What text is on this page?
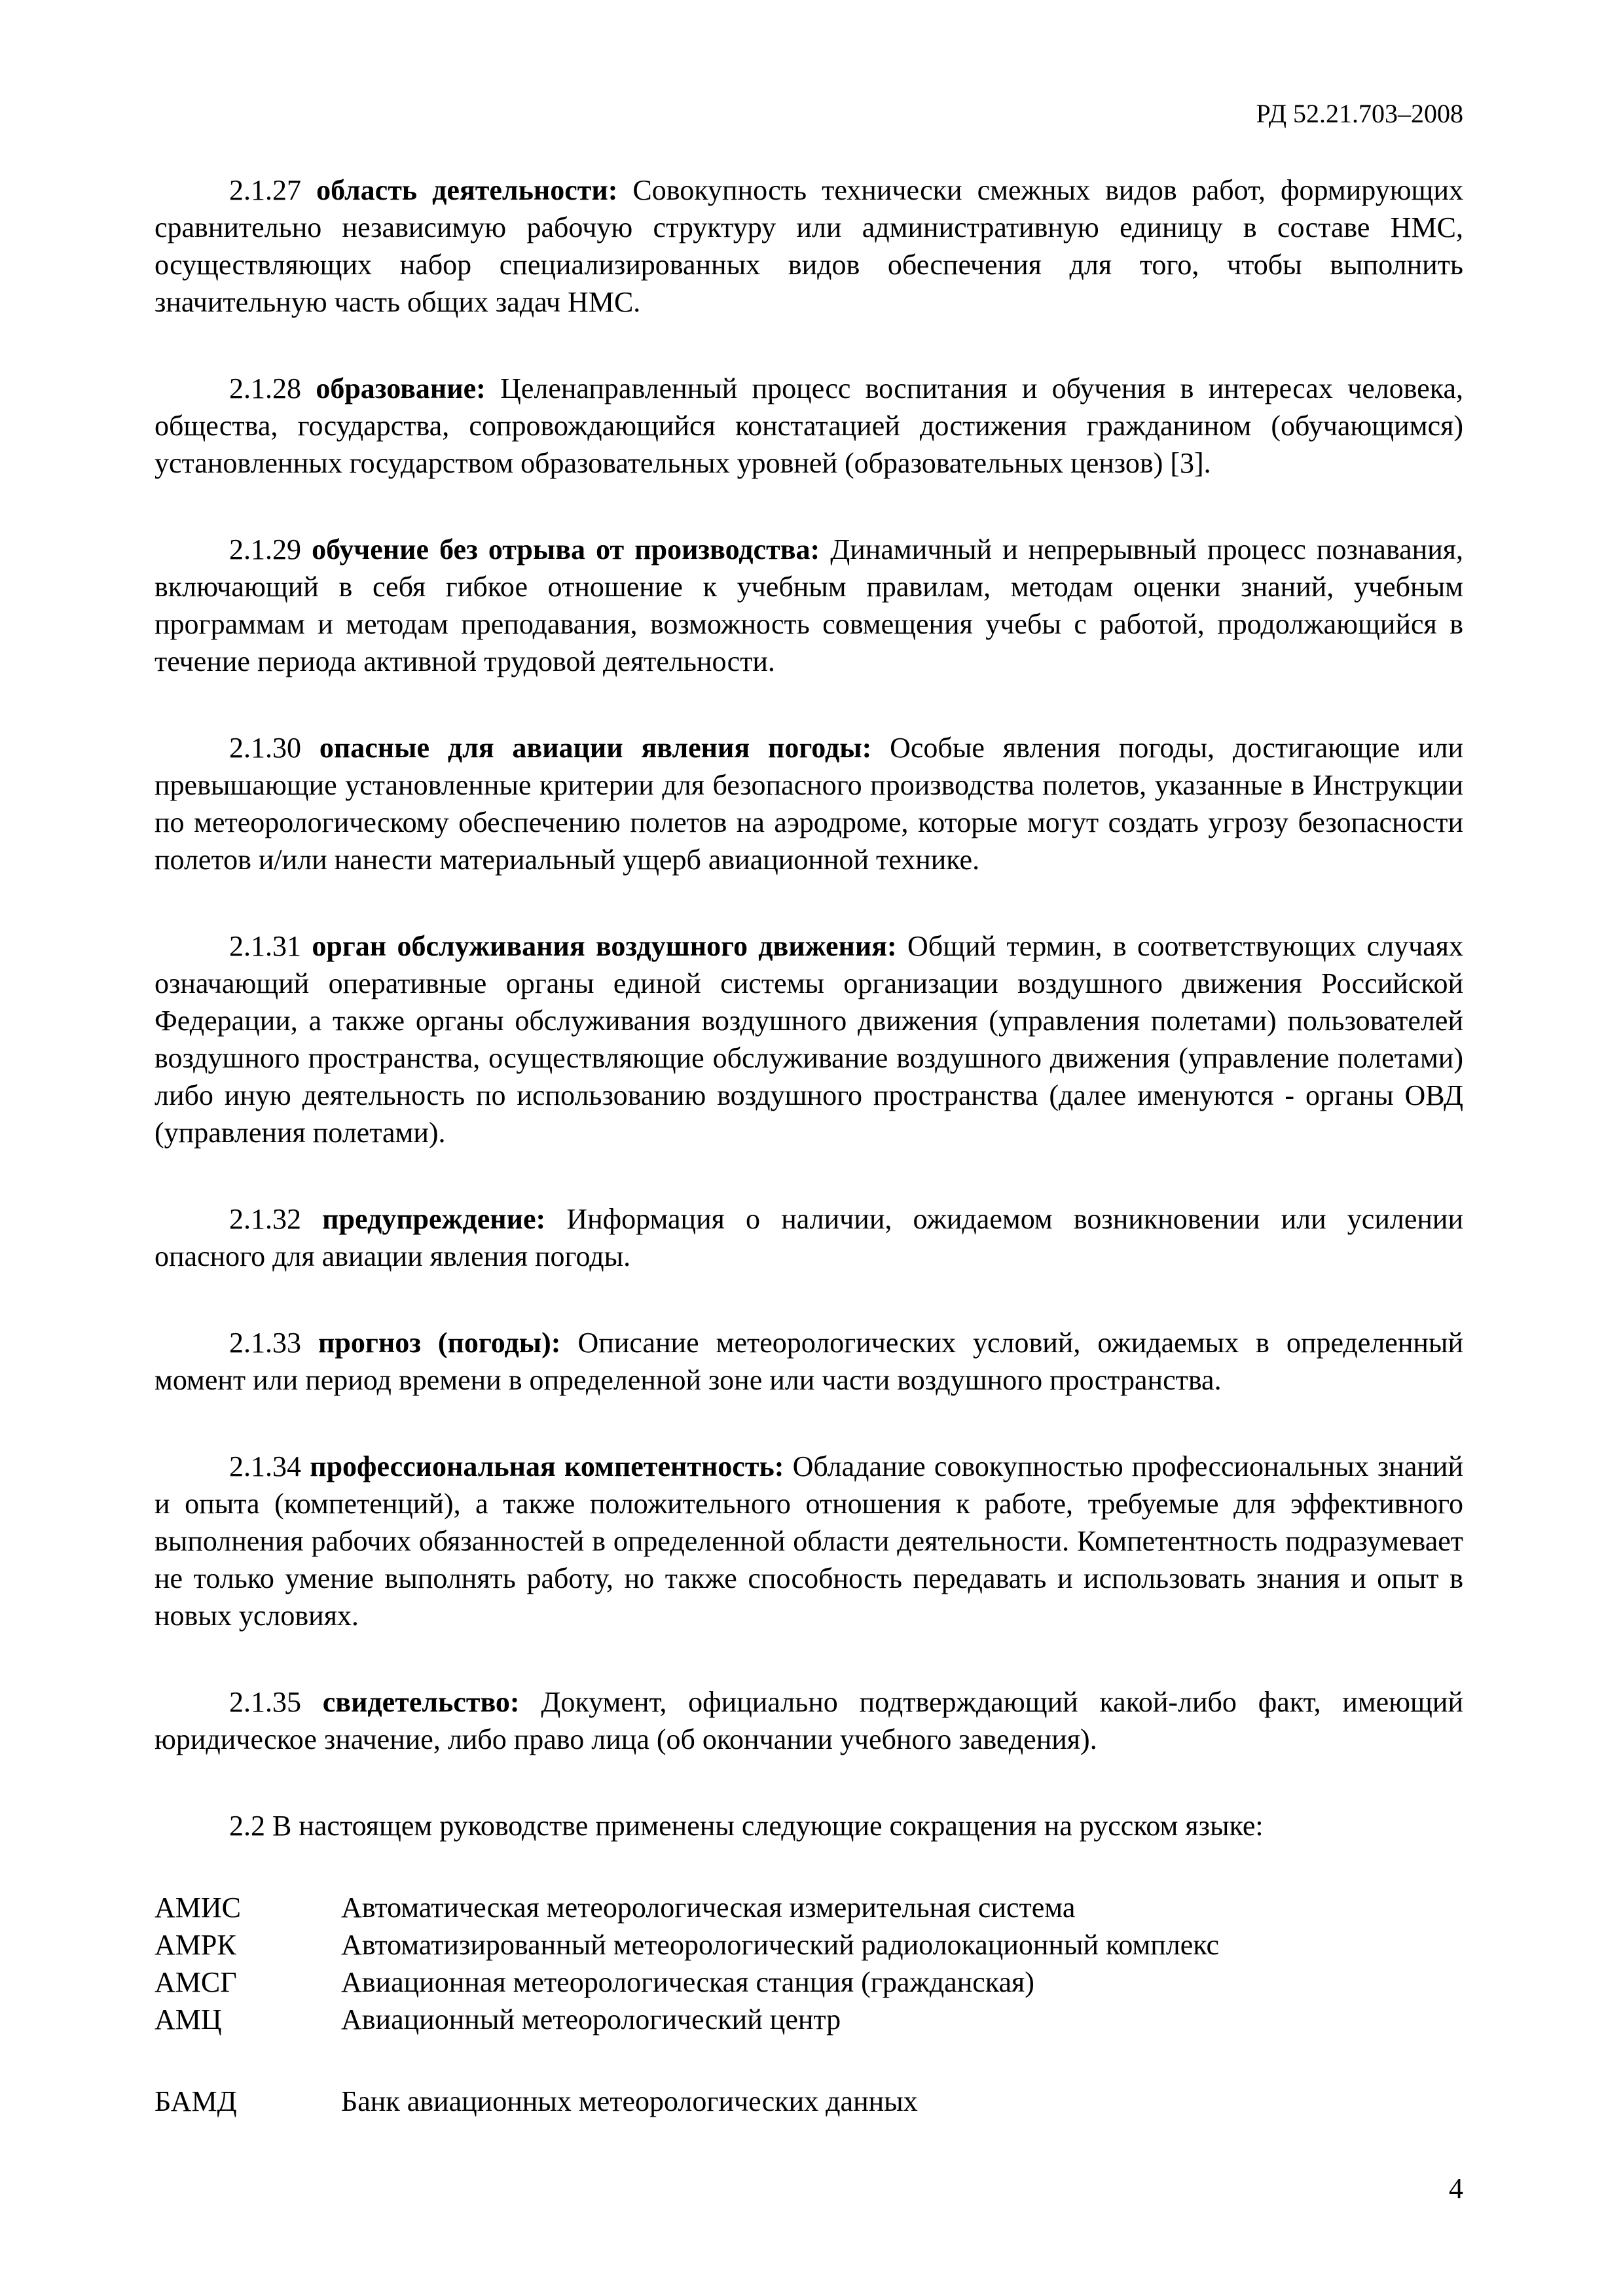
РД 52.21.703–2008

2.1.27 область деятельности: Совокупность технически смежных видов работ, формирующих сравнительно независимую рабочую структуру или административную единицу в составе НМС, осуществляющих набор специализированных видов обеспечения для того, чтобы выполнить значительную часть общих задач НМС.

2.1.28 образование: Целенаправленный процесс воспитания и обучения в интересах человека, общества, государства, сопровождающийся констатацией достижения гражданином (обучающимся) установленных государством образовательных уровней (образовательных цензов) [3].

2.1.29 обучение без отрыва от производства: Динамичный и непрерывный процесс познавания, включающий в себя гибкое отношение к учебным правилам, методам оценки знаний, учебным программам и методам преподавания, возможность совмещения учебы с работой, продолжающийся в течение периода активной трудовой деятельности.

2.1.30 опасные для авиации явления погоды: Особые явления погоды, достигающие или превышающие установленные критерии для безопасного производства полетов, указанные в Инструкции по метеорологическому обеспечению полетов на аэродроме, которые могут создать угрозу безопасности полетов и/или нанести материальный ущерб авиационной технике.

2.1.31 орган обслуживания воздушного движения: Общий термин, в соответствующих случаях означающий оперативные органы единой системы организации воздушного движения Российской Федерации, а также органы обслуживания воздушного движения (управления полетами) пользователей воздушного пространства, осуществляющие обслуживание воздушного движения (управление полетами) либо иную деятельность по использованию воздушного пространства (далее именуются - органы ОВД (управления полетами).

2.1.32 предупреждение: Информация о наличии, ожидаемом возникновении или усилении опасного для авиации явления погоды.

2.1.33 прогноз (погоды): Описание метеорологических условий, ожидаемых в определенный момент или период времени в определенной зоне или части воздушного пространства.

2.1.34 профессиональная компетентность: Обладание совокупностью профессиональных знаний и опыта (компетенций), а также положительного отношения к работе, требуемые для эффективного выполнения рабочих обязанностей в определенной области деятельности. Компетентность подразумевает не только умение выполнять работу, но также способность передавать и использовать знания и опыт в новых условиях.

2.1.35 свидетельство: Документ, официально подтверждающий какой-либо факт, имеющий юридическое значение, либо право лица (об окончании учебного заведения).

2.2 В настоящем руководстве применены следующие сокращения на русском языке:

АМИС	Автоматическая метеорологическая измерительная система
АМРК	Автоматизированный метеорологический радиолокационный комплекс
АМСГ	Авиационная метеорологическая станция (гражданская)
АМЦ	Авиационный метеорологический центр
БАМД	Банк авиационных метеорологических данных
4
